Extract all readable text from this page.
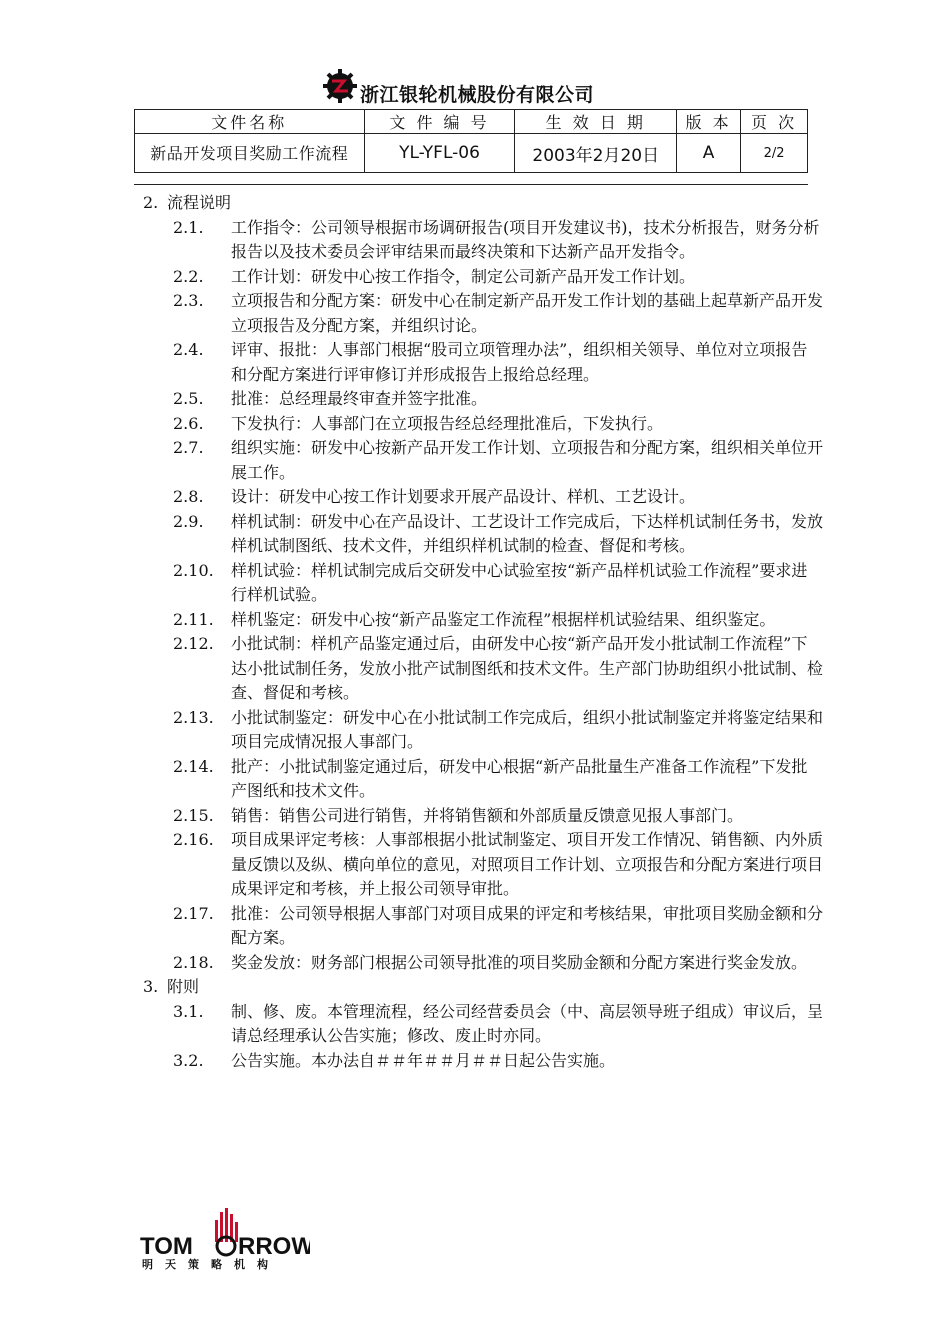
浙江银轮机械股份有限公司
文件名称	文 件 编 号	生 效 日 期	版 本	页 次
新品开发项目奖励工作流程	YL-YFL-06	2003年2月20日	A	2/2

2. 流程说明

2.1.	工作指令：公司领导根据市场调研报告(项目开发建议书)，技术分析报告，财务分析报告以及技术委员会评审结果而最终决策和下达新产品开发指令。
2.2.	工作计划：研发中心按工作指令，制定公司新产品开发工作计划。
2.3.	立项报告和分配方案：研发中心在制定新产品开发工作计划的基础上起草新产品开发立项报告及分配方案，并组织讨论。
2.4.	评审、报批：人事部门根据“股司立项管理办法”，组织相关领导、单位对立项报告和分配方案进行评审修订并形成报告上报给总经理。
2.5.	批准：总经理最终审查并签字批准。
2.6.	下发执行：人事部门在立项报告经总经理批准后，下发执行。
2.7.	组织实施：研发中心按新产品开发工作计划、立项报告和分配方案，组织相关单位开展工作。
2.8.	设计：研发中心按工作计划要求开展产品设计、样机、工艺设计。
2.9.	样机试制：研发中心在产品设计、工艺设计工作完成后，下达样机试制任务书，发放样机试制图纸、技术文件，并组织样机试制的检查、督促和考核。
2.10.	样机试验：样机试制完成后交研发中心试验室按“新产品样机试验工作流程”要求进行样机试验。
2.11.	样机鉴定：研发中心按“新产品鉴定工作流程”根据样机试验结果、组织鉴定。
2.12.	小批试制：样机产品鉴定通过后，由研发中心按“新产品开发小批试制工作流程”下达小批试制任务，发放小批产试制图纸和技术文件。生产部门协助组织小批试制、检查、督促和考核。
2.13.	小批试制鉴定：研发中心在小批试制工作完成后，组织小批试制鉴定并将鉴定结果和项目完成情况报人事部门。
2.14.	批产：小批试制鉴定通过后，研发中心根据“新产品批量生产准备工作流程”下发批产图纸和技术文件。
2.15.	销售：销售公司进行销售，并将销售额和外部质量反馈意见报人事部门。
2.16.	项目成果评定考核：人事部根据小批试制鉴定、项目开发工作情况、销售额、内外质量反馈以及纵、横向单位的意见，对照项目工作计划、立项报告和分配方案进行项目成果评定和考核，并上报公司领导审批。
2.17.	批准：公司领导根据人事部门对项目成果的评定和考核结果，审批项目奖励金额和分配方案。
2.18.	奖金发放：财务部门根据公司领导批准的项目奖励金额和分配方案进行奖金发放。

3. 附则

3.1.	制、修、废。本管理流程，经公司经营委员会（中、高层领导班子组成）审议后，呈请总经理承认公告实施；修改、废止时亦同。
3.2.	公告实施。本办法自＃＃年＃＃月＃＃日起公告实施。
TOM RROW
明天策略机构
